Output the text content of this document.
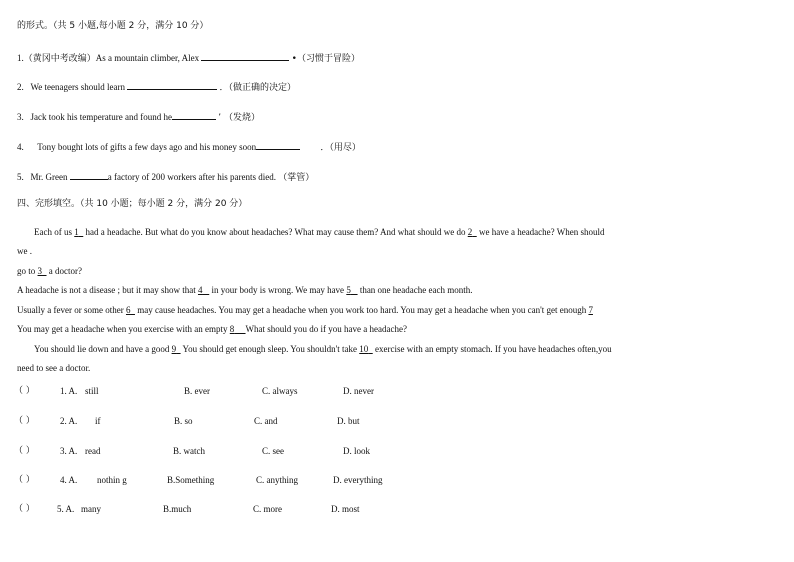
的形式。（共 5 小题,每小题 2 分，满分 10 分）
1.（黄冈中考改编）As a mountain climber, Alex	•（习惯于冒险）
2. We teenagers should learn	．（做正确的决定）
3. Jack took his temperature and found he	’ （发烧）
4. Tony bought lots of gifts a few days ago and his money soon	．（用尽）
5. Mr. Green	a factory of 200 workers after his parents died. （掌管）
四、完形填空。（共 10 小题；每小题 2 分，满分 20 分）
Each of us 1   had a headache. But what do you know about headaches? What may cause them? And what should we do 2   we have a headache? When should
we .
go to 3   a doctor?
A headache is not a disease ; but it may show that 4    in your body is wrong. We may have 5    than one headache each month.
Usually a fever or some other 6   may cause headaches. You may get a headache when you work too hard. You may get a headache when you can't get enough 7
You may get a headache when you exercise with an empty 8 What should you do if you have a headache?
You should lie down and have a good 9   You should get enough sleep. You shouldn't take 10   exercise with an empty stomach. If you have headaches often,you
need to see a doctor.
（ ）	1. A. still	B. ever	C. always	D. never
（ ）	2. A. if	B. so	C. and	D. but
（ ）	3. A. read	B. watch	C. see	D. look
（ ）	4. A. nothin g	B.Something	C. anything	D. everything
（ ） 5. A. many	B.much	C. more	D. most
